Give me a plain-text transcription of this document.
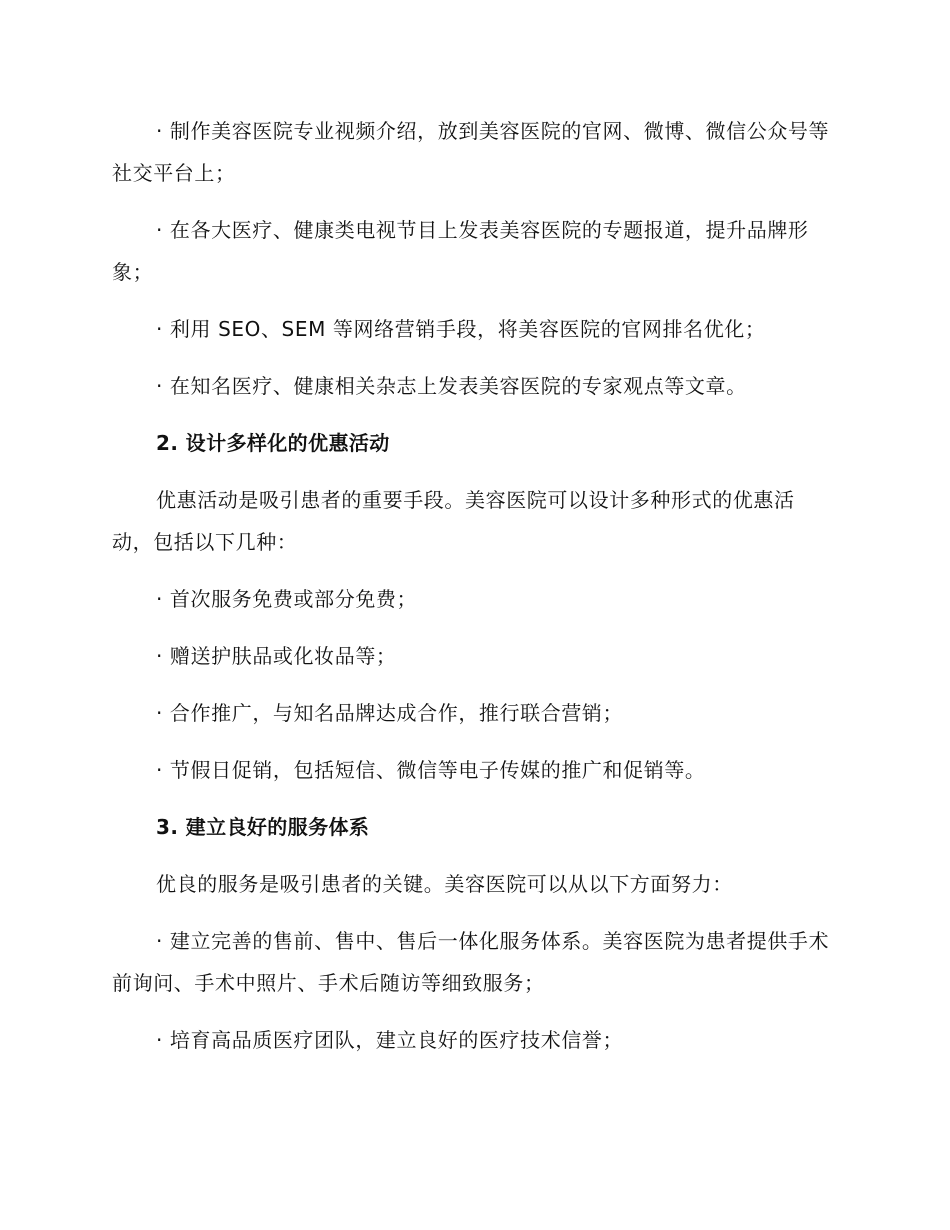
· 制作美容医院专业视频介绍，放到美容医院的官网、微博、微信公众号等社交平台上；

· 在各大医疗、健康类电视节目上发表美容医院的专题报道，提升品牌形象；

· 利用 SEO、SEM 等网络营销手段，将美容医院的官网排名优化；

· 在知名医疗、健康相关杂志上发表美容医院的专家观点等文章。

2. 设计多样化的优惠活动

优惠活动是吸引患者的重要手段。美容医院可以设计多种形式的优惠活动，包括以下几种：

· 首次服务免费或部分免费；

· 赠送护肤品或化妆品等；

· 合作推广，与知名品牌达成合作，推行联合营销；

· 节假日促销，包括短信、微信等电子传媒的推广和促销等。

3. 建立良好的服务体系

优良的服务是吸引患者的关键。美容医院可以从以下方面努力：

· 建立完善的售前、售中、售后一体化服务体系。美容医院为患者提供手术前询问、手术中照片、手术后随访等细致服务；

· 培育高品质医疗团队，建立良好的医疗技术信誉；
